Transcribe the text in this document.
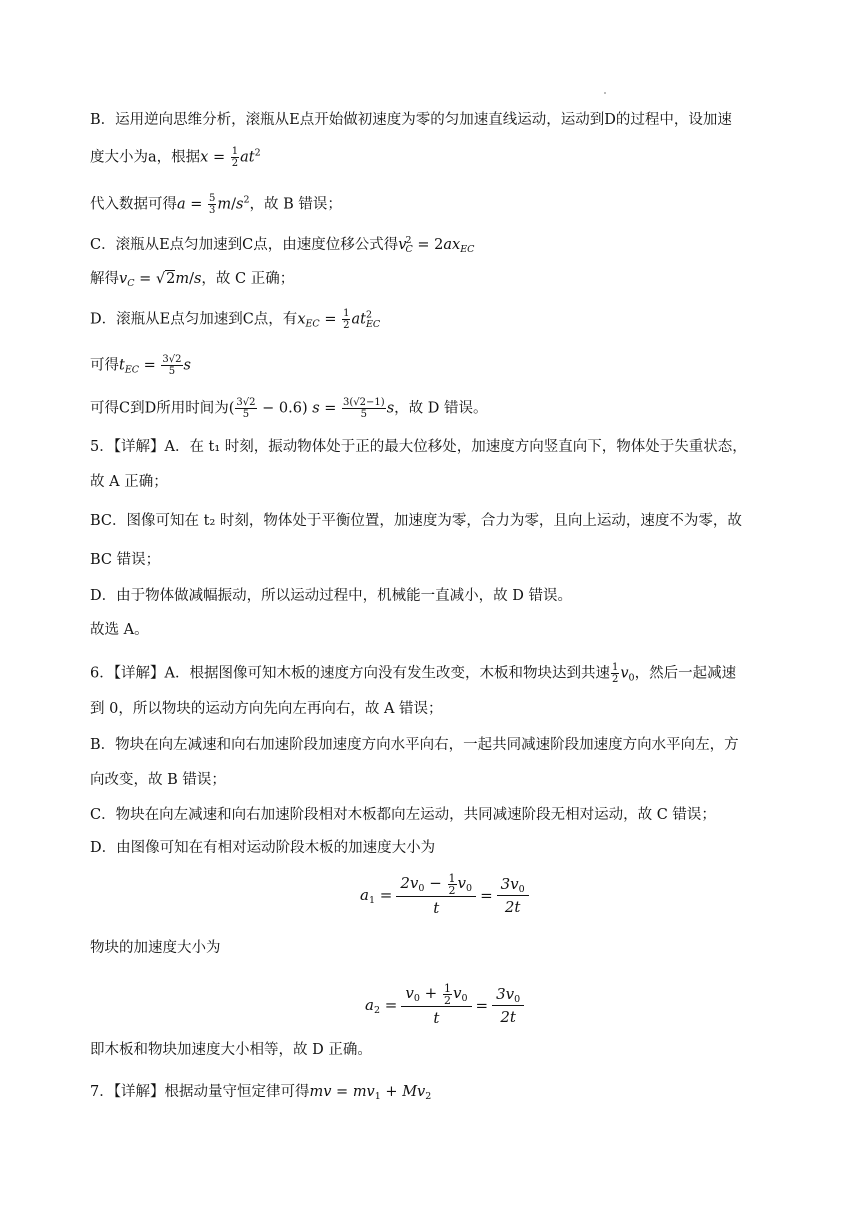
B．运用逆向思维分析，滚瓶从E点开始做初速度为零的匀加速直线运动，运动到D的过程中，设加速
度大小为a，根据$x = \frac{1}{2} at^2$
代入数据可得$a = \frac{5}{3} m/s^2$，故 B 错误；
C．滚瓶从E点匀加速到C点，由速度位移公式得$v^2_C = 2ax_{EC}$
解得$v_C = √2m/s$，故 C 正确；
D．滚瓶从E点匀加速到C点，有$x_{EC} = \frac{1}{2} at^2_{EC}$
可得$t_{EC} = \frac{3√2}{5}$ s
可得C到D所用时间为( $\frac{3√2}{5} - 0.6$) $s = \frac{3(√2-1)}{5}$ s，故 D 错误。
5．【详解】A．在 t₁ 时刻，振动物体处于正的最大位移处，加速度方向竖直向下，物体处于失重状态，
故 A 正确；
BC．图像可知在 t₂ 时刻，物体处于平衡位置，加速度为零，合力为零，且向上运动，速度不为零，故
BC 错误；
D．由于物体做减幅振动，所以运动过程中，机械能一直减小，故 D 错误。
故选 A。
6．【详解】A．根据图像可知木板的速度方向没有发生改变，木板和物块达到共速 $\frac{1}{2} v_0$，然后一起减速
到 0，所以物块的运动方向先向左再向右，故 A 错误；
B．物块在向左减速和向右加速阶段加速度方向水平向右，一起共同减速阶段加速度方向水平向左，方
向改变，故 B 错误；
C．物块在向左减速和向右加速阶段相对木板都向左运动，共同减速阶段无相对运动，故 C 错误；
D．由图像可知在有相对运动阶段木板的加速度大小为
$a_1 = \frac{2v_0 - \frac{1}{2} v_0}{t} = \frac{3v_0}{2t}$
物块的加速度大小为
$a_2 = \frac{v_0 + \frac{1}{2} v_0}{t} = \frac{3v_0}{2t}$
即木板和物块加速度大小相等，故 D 正确。
7．【详解】根据动量守恒定律可得mv = $mv_1 + Mv_2$
